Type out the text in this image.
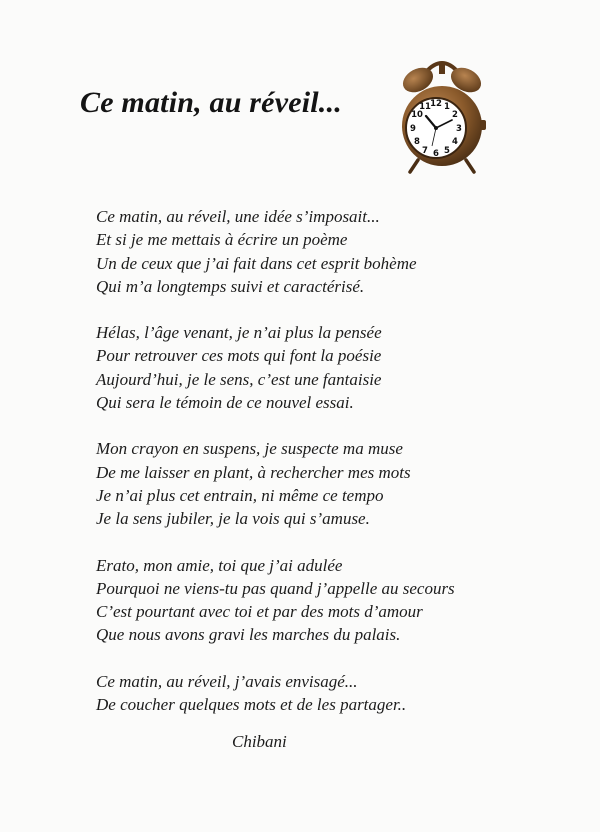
Ce matin, au réveil...	12 1
2
3
4
5
6
7
8
9
10
11
Ce matin, au réveil, une idée s’imposait...
Et si je me mettais à écrire un poème
Un de ceux que j’ai fait dans cet esprit bohème
Qui m’a longtemps suivi et caractérisé.
Hélas, l’âge venant, je n’ai plus la pensée
Pour retrouver ces mots qui font la poésie
Aujourd’hui, je le sens, c’est une fantaisie
Qui sera le témoin de ce nouvel essai.
Mon crayon en suspens, je suspecte ma muse
De me laisser en plant, à rechercher mes mots
Je n’ai plus cet entrain, ni même ce tempo
Je la sens jubiler, je la vois qui s’amuse.
Erato, mon amie, toi que j’ai adulée
Pourquoi ne viens-tu pas quand j’appelle au secours
C’est pourtant avec toi et par des mots d’amour
Que nous avons gravi les marches du palais.
Ce matin, au réveil, j’avais envisagé...
De coucher quelques mots et de les partager..
Chibani
